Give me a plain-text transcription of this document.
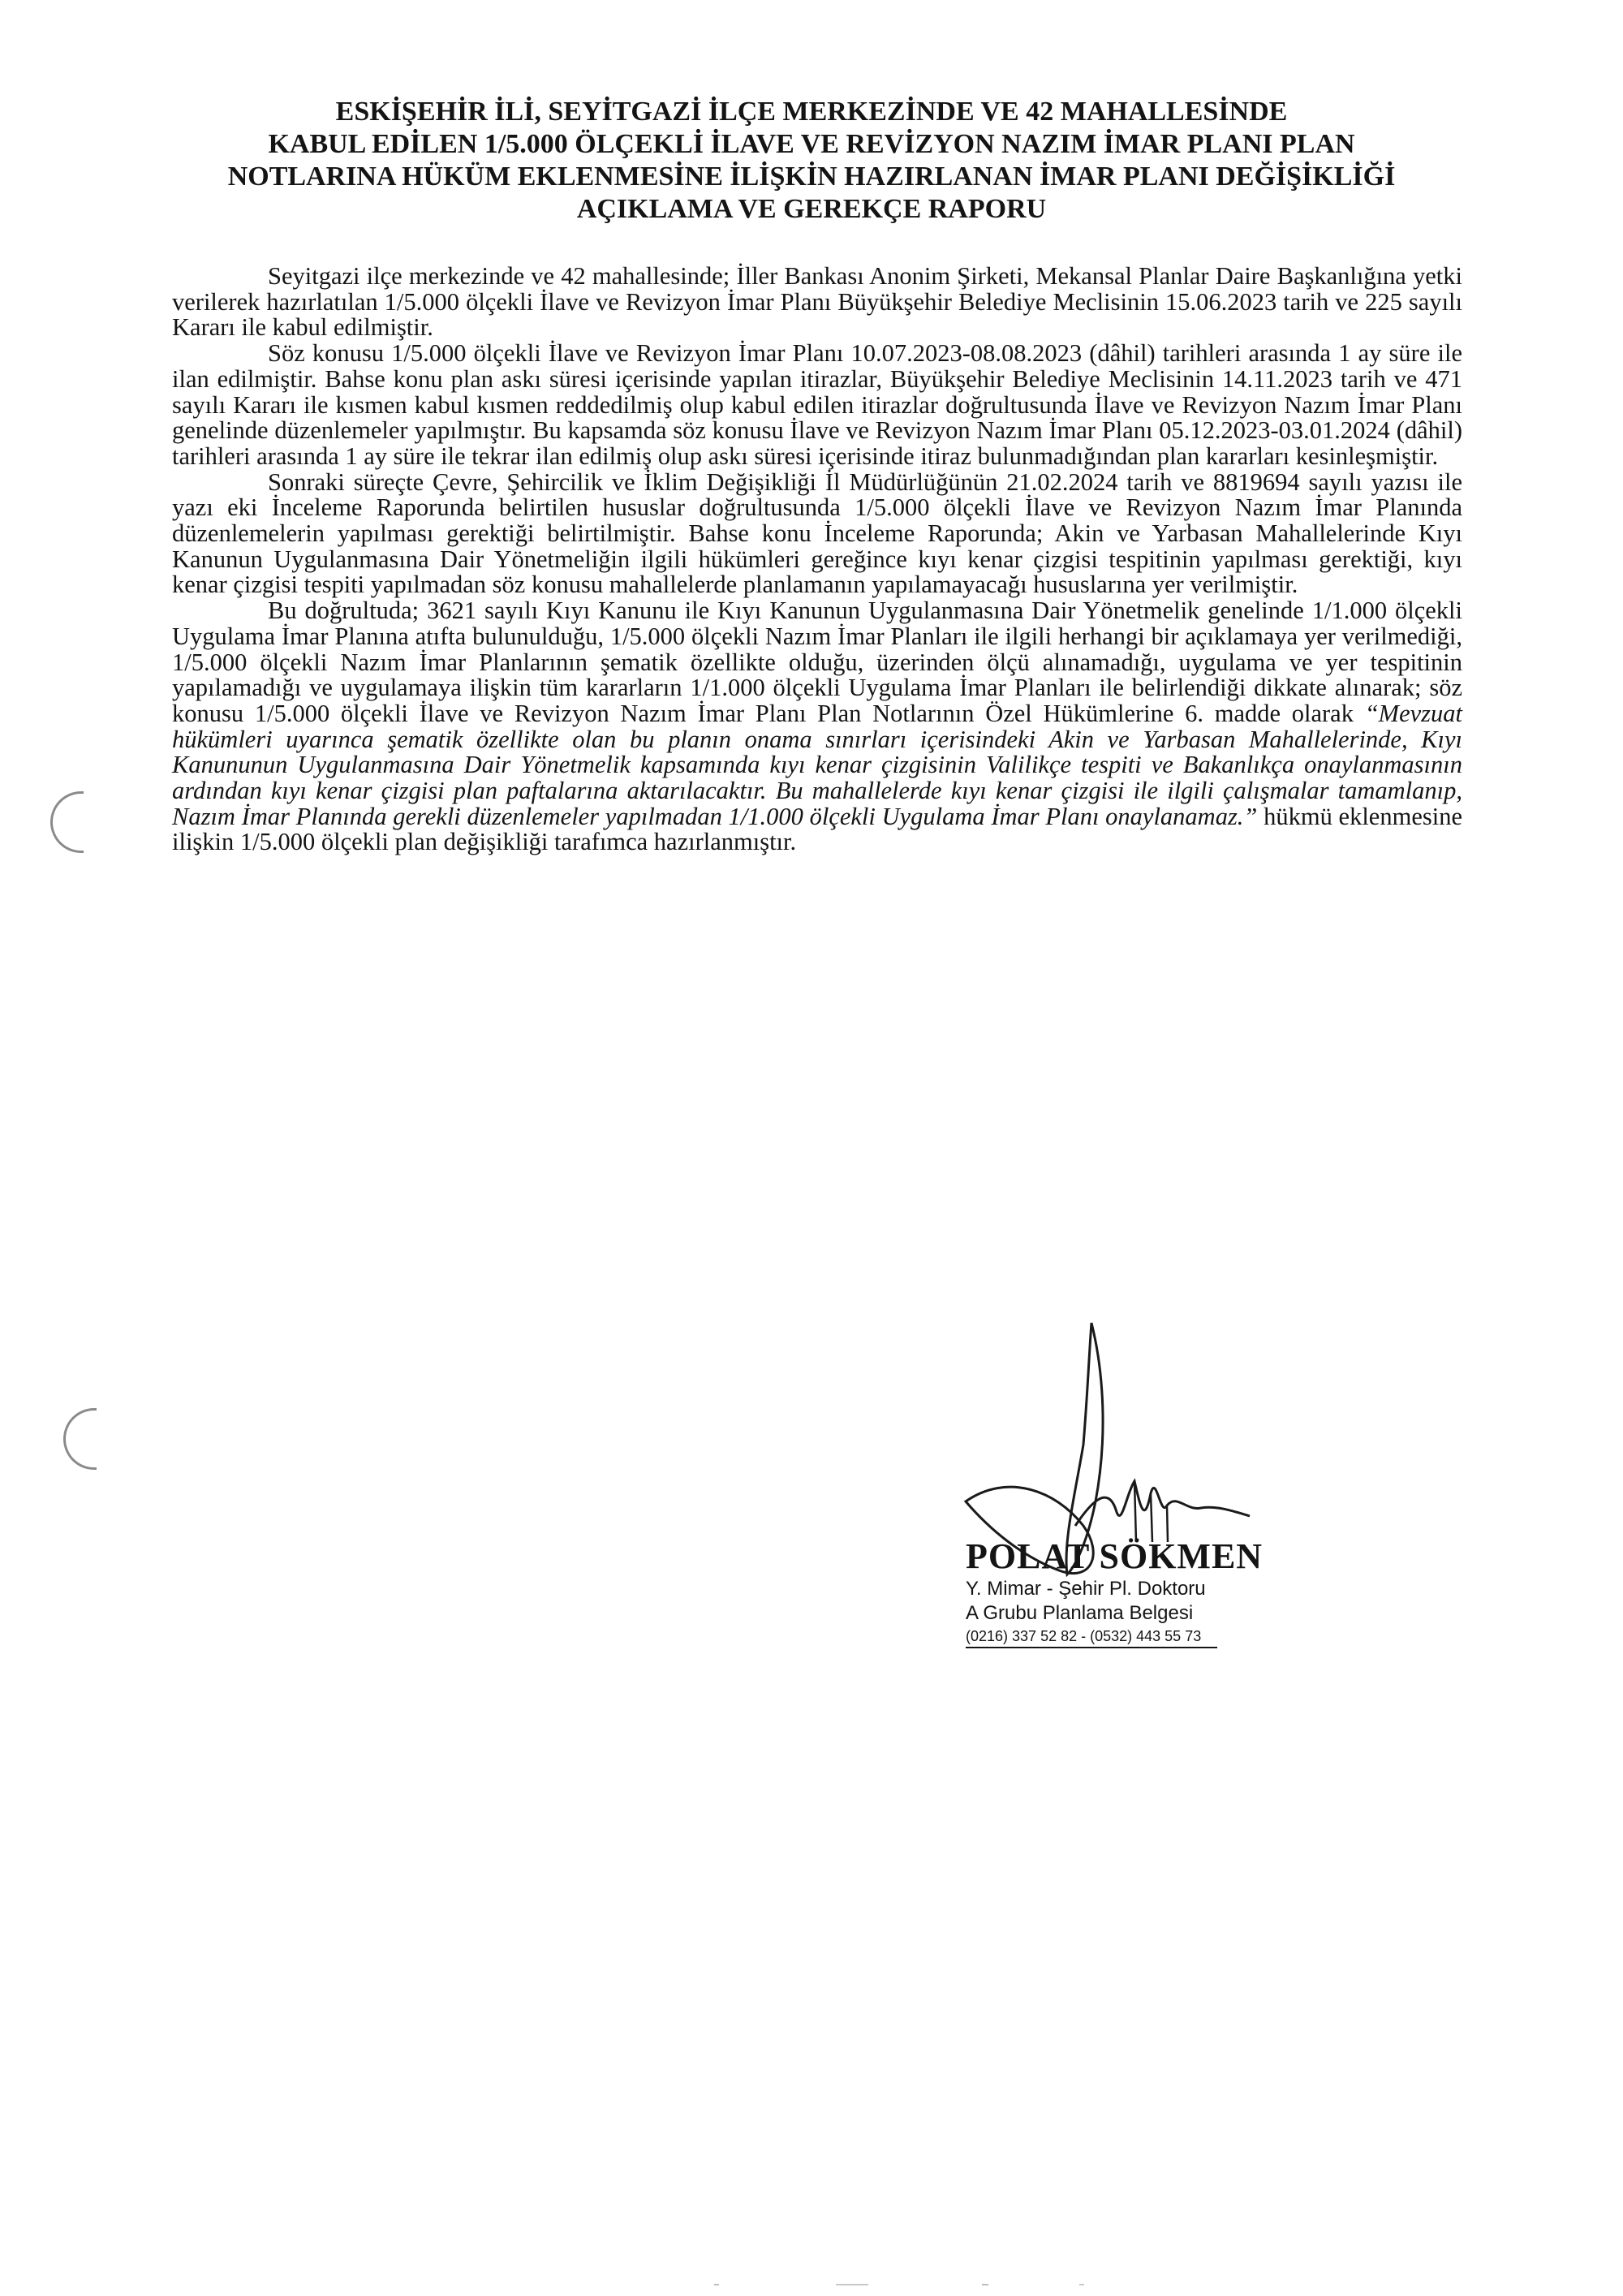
ESKİŞEHİR İLİ, SEYİTGAZİ İLÇE MERKEZİNDE VE 42 MAHALLESİNDE
KABUL EDİLEN 1/5.000 ÖLÇEKLİ İLAVE VE REVİZYON NAZIM İMAR PLANI PLAN
NOTLARINA HÜKÜM EKLENMESİNE İLİŞKİN HAZIRLANAN İMAR PLANI DEĞİŞİKLİĞİ
AÇIKLAMA VE GEREKÇE RAPORU

Seyitgazi ilçe merkezinde ve 42 mahallesinde; İller Bankası Anonim Şirketi, Mekansal Planlar Daire Başkanlığına yetki verilerek hazırlatılan 1/5.000 ölçekli İlave ve Revizyon İmar Planı Büyükşehir Belediye Meclisinin 15.06.2023 tarih ve 225 sayılı Kararı ile kabul edilmiştir.

Söz konusu 1/5.000 ölçekli İlave ve Revizyon İmar Planı 10.07.2023-08.08.2023 (dâhil) tarihleri arasında 1 ay süre ile ilan edilmiştir. Bahse konu plan askı süresi içerisinde yapılan itirazlar, Büyükşehir Belediye Meclisinin 14.11.2023 tarih ve 471 sayılı Kararı ile kısmen kabul kısmen reddedilmiş olup kabul edilen itirazlar doğrultusunda İlave ve Revizyon Nazım İmar Planı genelinde düzenlemeler yapılmıştır. Bu kapsamda söz konusu İlave ve Revizyon Nazım İmar Planı 05.12.2023-03.01.2024 (dâhil) tarihleri arasında 1 ay süre ile tekrar ilan edilmiş olup askı süresi içerisinde itiraz bulunmadığından plan kararları kesinleşmiştir.

Sonraki süreçte Çevre, Şehircilik ve İklim Değişikliği İl Müdürlüğünün 21.02.2024 tarih ve 8819694 sayılı yazısı ile yazı eki İnceleme Raporunda belirtilen hususlar doğrultusunda 1/5.000 ölçekli İlave ve Revizyon Nazım İmar Planında düzenlemelerin yapılması gerektiği belirtilmiştir. Bahse konu İnceleme Raporunda; Akin ve Yarbasan Mahallelerinde Kıyı Kanunun Uygulanmasına Dair Yönetmeliğin ilgili hükümleri gereğince kıyı kenar çizgisi tespitinin yapılması gerektiği, kıyı kenar çizgisi tespiti yapılmadan söz konusu mahallelerde planlamanın yapılamayacağı hususlarına yer verilmiştir.

Bu doğrultuda; 3621 sayılı Kıyı Kanunu ile Kıyı Kanunun Uygulanmasına Dair Yönetmelik genelinde 1/1.000 ölçekli Uygulama İmar Planına atıfta bulunulduğu, 1/5.000 ölçekli Nazım İmar Planları ile ilgili herhangi bir açıklamaya yer verilmediği, 1/5.000 ölçekli Nazım İmar Planlarının şematik özellikte olduğu, üzerinden ölçü alınamadığı, uygulama ve yer tespitinin yapılamadığı ve uygulamaya ilişkin tüm kararların 1/1.000 ölçekli Uygulama İmar Planları ile belirlendiği dikkate alınarak; söz konusu 1/5.000 ölçekli İlave ve Revizyon Nazım İmar Planı Plan Notlarının Özel Hükümlerine 6. madde olarak “Mevzuat hükümleri uyarınca şematik özellikte olan bu planın onama sınırları içerisindeki Akin ve Yarbasan Mahallelerinde, Kıyı Kanununun Uygulanmasına Dair Yönetmelik kapsamında kıyı kenar çizgisinin Valilikçe tespiti ve Bakanlıkça onaylanmasının ardından kıyı kenar çizgisi plan paftalarına aktarılacaktır. Bu mahallelerde kıyı kenar çizgisi ile ilgili çalışmalar tamamlanıp, Nazım İmar Planında gerekli düzenlemeler yapılmadan 1/1.000 ölçekli Uygulama İmar Planı onaylanamaz.” hükmü eklenmesine ilişkin 1/5.000 ölçekli plan değişikliği tarafımca hazırlanmıştır.

POLAT SÖKMEN
Y. Mimar - Şehir Pl. Doktoru
A Grubu Planlama Belgesi
(0216) 337 52 82 - (0532) 443 55 73
